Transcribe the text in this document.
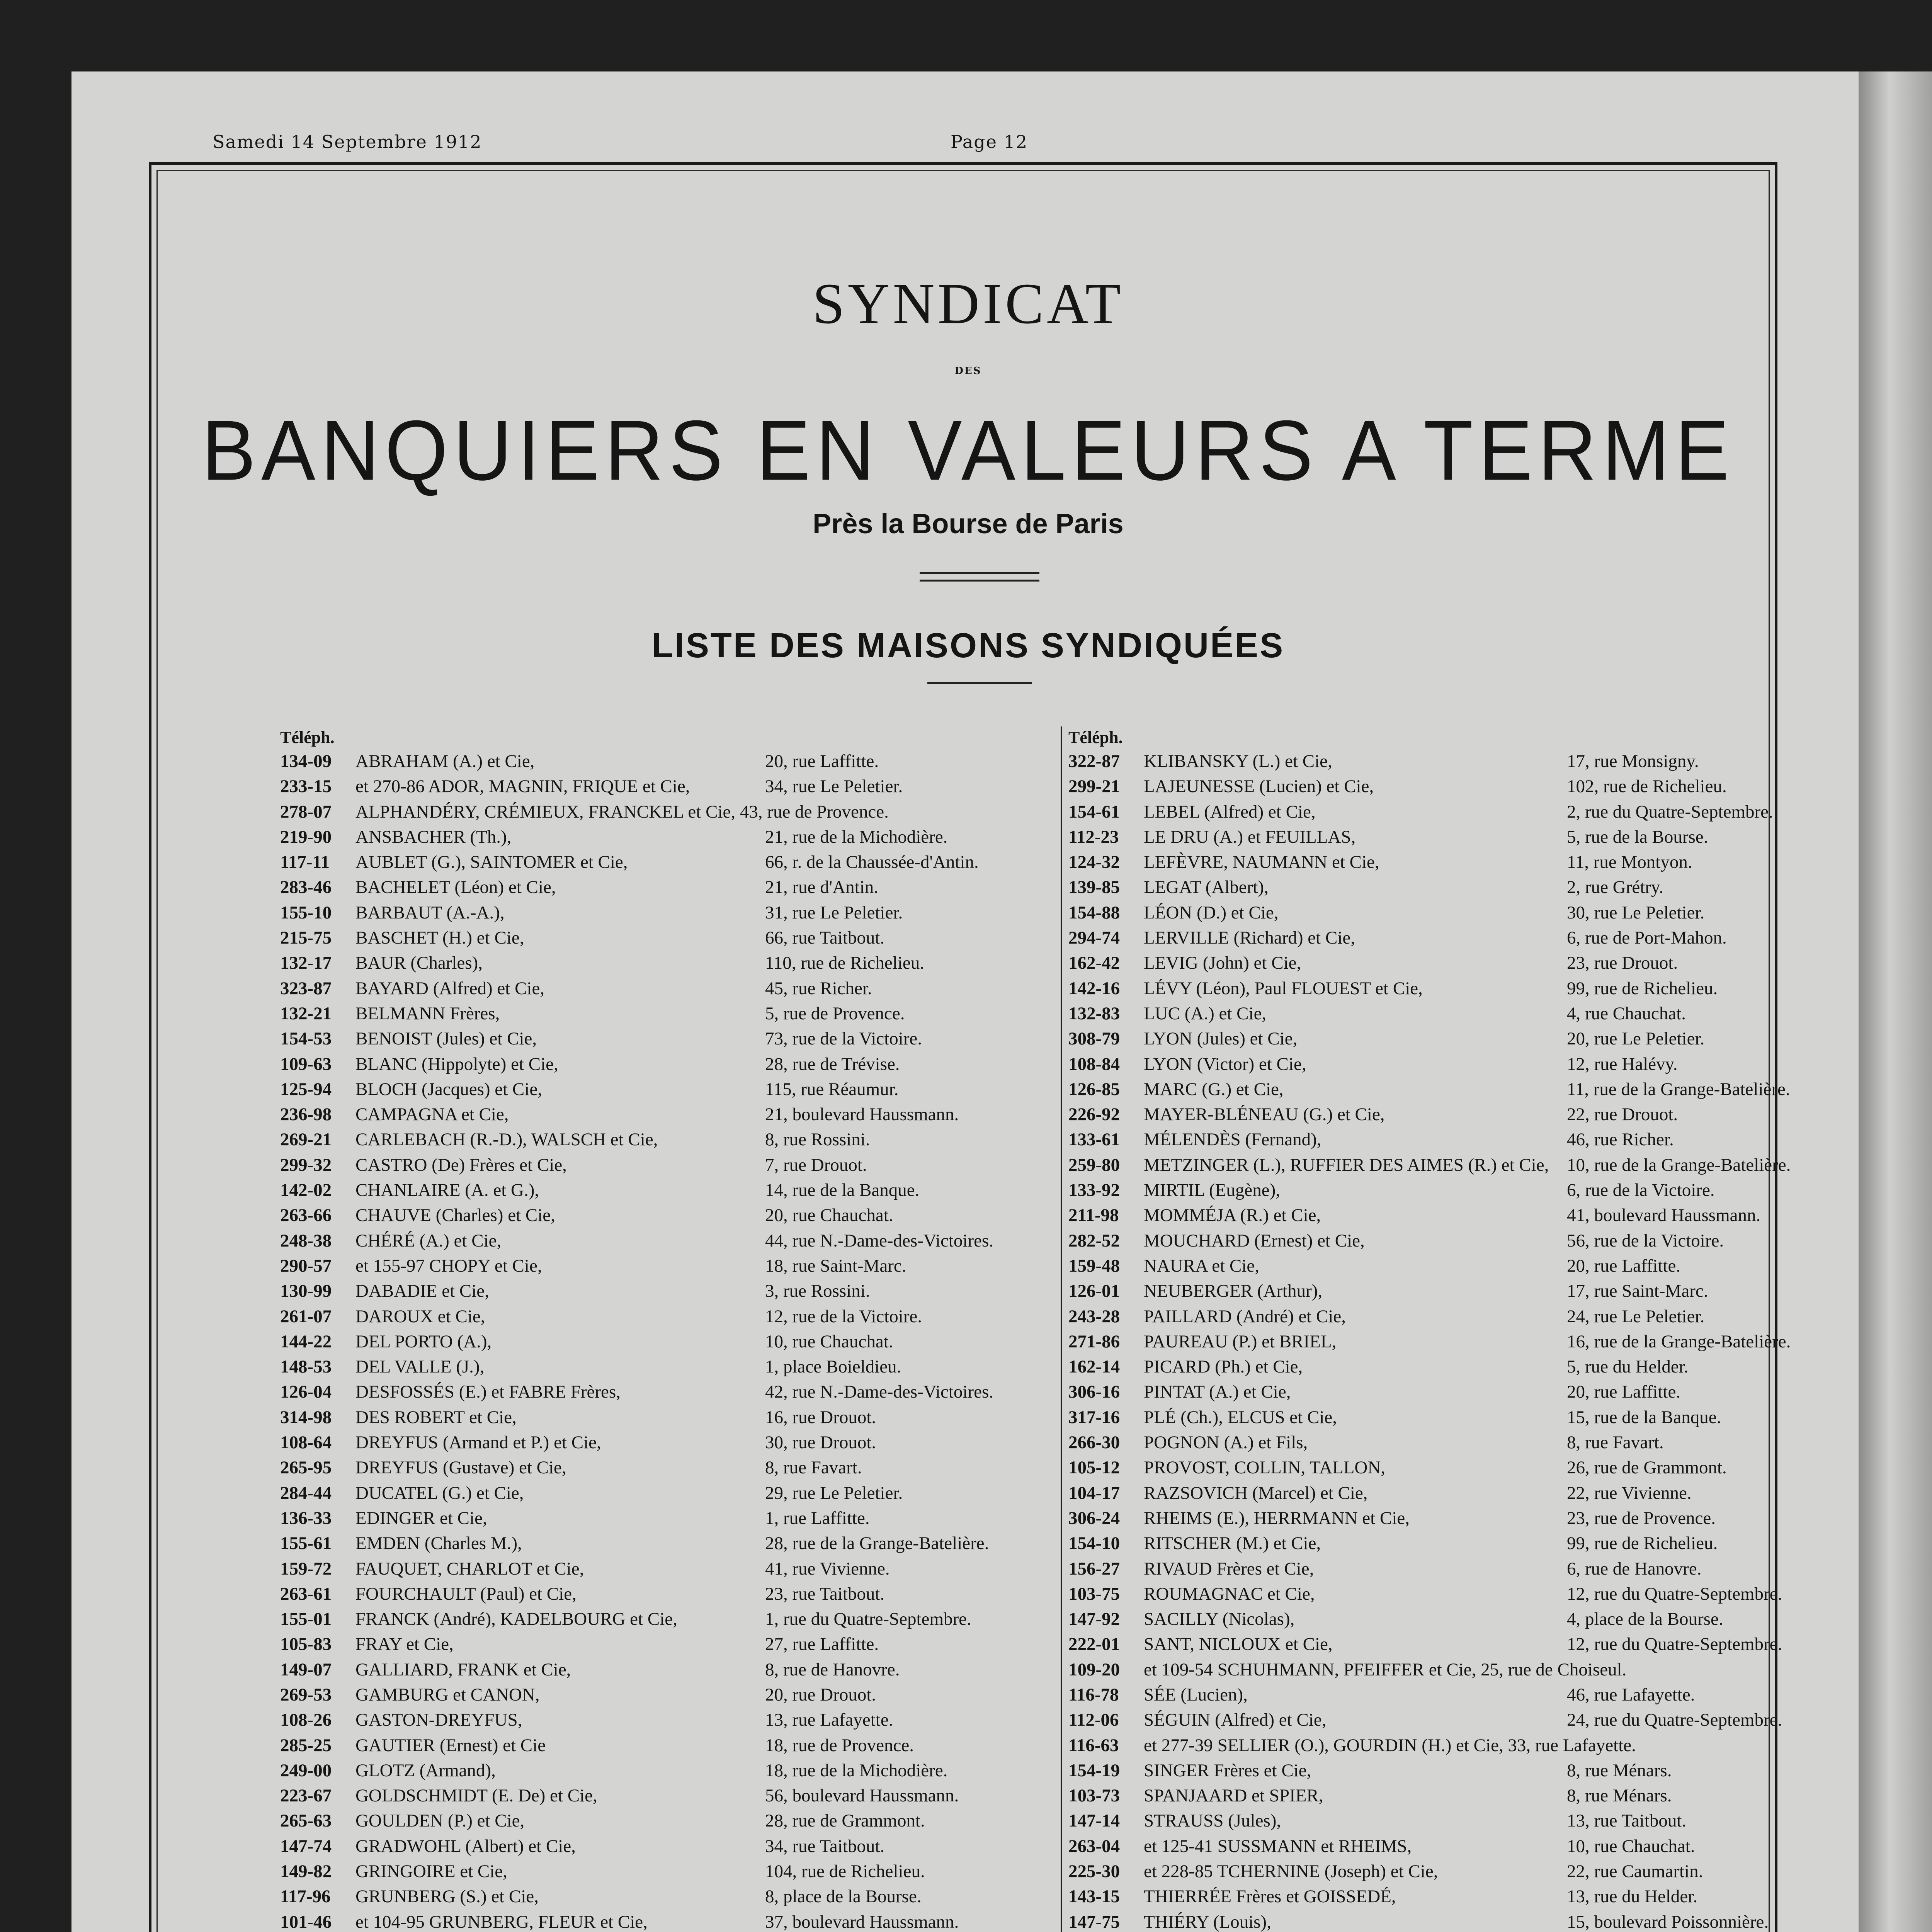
Samedi 14 Septembre 1912	Page 12
SYNDICAT
DES
BANQUIERS EN VALEURS A TERME
Près la Bourse de Paris
LISTE DES MAISONS SYNDIQUÉES
Téléph.
134-09 ABRAHAM (A.) et Cie,	20, rue Laffitte.
233-15 et 270-86 ADOR, MAGNIN, FRIQUE et Cie,	34, rue Le Peletier.
278-07 ALPHANDÉRY, CRÉMIEUX, FRANCKEL et Cie, 43, rue de Provence.
219-90 ANSBACHER (Th.),	21, rue de la Michodière.
117-11 AUBLET (G.), SAINTOMER et Cie,	66, r. de la Chaussée-d'Antin.
283-46 BACHELET (Léon) et Cie,	21, rue d'Antin.
155-10 BARBAUT (A.-A.),	31, rue Le Peletier.
215-75 BASCHET (H.) et Cie,	66, rue Taitbout.
132-17 BAUR (Charles),	110, rue de Richelieu.
323-87 BAYARD (Alfred) et Cie,	45, rue Richer.
132-21 BELMANN Frères,	5, rue de Provence.
154-53 BENOIST (Jules) et Cie,	73, rue de la Victoire.
109-63 BLANC (Hippolyte) et Cie,	28, rue de Trévise.
125-94 BLOCH (Jacques) et Cie,	115, rue Réaumur.
236-98 CAMPAGNA et Cie,	21, boulevard Haussmann.
269-21 CARLEBACH (R.-D.), WALSCH et Cie,	8, rue Rossini.
299-32 CASTRO (De) Frères et Cie,	7, rue Drouot.
142-02 CHANLAIRE (A. et G.),	14, rue de la Banque.
263-66 CHAUVE (Charles) et Cie,	20, rue Chauchat.
248-38 CHÉRÉ (A.) et Cie,	44, rue N.-Dame-des-Victoires.
290-57 et 155-97 CHOPY et Cie,	18, rue Saint-Marc.
130-99 DABADIE et Cie,	3, rue Rossini.
261-07 DAROUX et Cie,	12, rue de la Victoire.
144-22 DEL PORTO (A.),	10, rue Chauchat.
148-53 DEL VALLE (J.),	1, place Boieldieu.
126-04 DESFOSSÉS (E.) et FABRE Frères,	42, rue N.-Dame-des-Victoires.
314-98 DES ROBERT et Cie,	16, rue Drouot.
108-64 DREYFUS (Armand et P.) et Cie,	30, rue Drouot.
265-95 DREYFUS (Gustave) et Cie,	8, rue Favart.
284-44 DUCATEL (G.) et Cie,	29, rue Le Peletier.
136-33 EDINGER et Cie,	1, rue Laffitte.
155-61 EMDEN (Charles M.),	28, rue de la Grange-Batelière.
159-72 FAUQUET, CHARLOT et Cie,	41, rue Vivienne.
263-61 FOURCHAULT (Paul) et Cie,	23, rue Taitbout.
155-01 FRANCK (André), KADELBOURG et Cie,	1, rue du Quatre-Septembre.
105-83 FRAY et Cie,	27, rue Laffitte.
149-07 GALLIARD, FRANK et Cie,	8, rue de Hanovre.
269-53 GAMBURG et CANON,	20, rue Drouot.
108-26 GASTON-DREYFUS,	13, rue Lafayette.
285-25 GAUTIER (Ernest) et Cie	18, rue de Provence.
249-00 GLOTZ (Armand),	18, rue de la Michodière.
223-67 GOLDSCHMIDT (E. De) et Cie,	56, boulevard Haussmann.
265-63 GOULDEN (P.) et Cie,	28, rue de Grammont.
147-74 GRADWOHL (Albert) et Cie,	34, rue Taitbout.
149-82 GRINGOIRE et Cie,	104, rue de Richelieu.
117-96 GRUNBERG (S.) et Cie,	8, place de la Bourse.
101-46 et 104-95 GRUNBERG, FLEUR et Cie,	37, boulevard Haussmann.
Téléph.
322-87 KLIBANSKY (L.) et Cie,	17, rue Monsigny.
299-21 LAJEUNESSE (Lucien) et Cie,	102, rue de Richelieu.
154-61 LEBEL (Alfred) et Cie,	2, rue du Quatre-Septembre.
112-23 LE DRU (A.) et FEUILLAS,	5, rue de la Bourse.
124-32 LEFÈVRE, NAUMANN et Cie,	11, rue Montyon.
139-85 LEGAT (Albert),	2, rue Grétry.
154-88 LÉON (D.) et Cie,	30, rue Le Peletier.
294-74 LERVILLE (Richard) et Cie,	6, rue de Port-Mahon.
162-42 LEVIG (John) et Cie,	23, rue Drouot.
142-16 LÉVY (Léon), Paul FLOUEST et Cie,	99, rue de Richelieu.
132-83 LUC (A.) et Cie,	4, rue Chauchat.
308-79 LYON (Jules) et Cie,	20, rue Le Peletier.
108-84 LYON (Victor) et Cie,	12, rue Halévy.
126-85 MARC (G.) et Cie,	11, rue de la Grange-Batelière.
226-92 MAYER-BLÉNEAU (G.) et Cie,	22, rue Drouot.
133-61 MÉLENDÈS (Fernand),	46, rue Richer.
259-80 METZINGER (L.), RUFFIER DES AIMES (R.) et Cie, 10, rue de la Grange-Batelière.
133-92 MIRTIL (Eugène),	6, rue de la Victoire.
211-98 MOMMÉJA (R.) et Cie,	41, boulevard Haussmann.
282-52 MOUCHARD (Ernest) et Cie,	56, rue de la Victoire.
159-48 NAURA et Cie,	20, rue Laffitte.
126-01 NEUBERGER (Arthur),	17, rue Saint-Marc.
243-28 PAILLARD (André) et Cie,	24, rue Le Peletier.
271-86 PAUREAU (P.) et BRIEL,	16, rue de la Grange-Batelière.
162-14 PICARD (Ph.) et Cie,	5, rue du Helder.
306-16 PINTAT (A.) et Cie,	20, rue Laffitte.
317-16 PLÉ (Ch.), ELCUS et Cie,	15, rue de la Banque.
266-30 POGNON (A.) et Fils,	8, rue Favart.
105-12 PROVOST, COLLIN, TALLON,	26, rue de Grammont.
104-17 RAZSOVICH (Marcel) et Cie,	22, rue Vivienne.
306-24 RHEIMS (E.), HERRMANN et Cie,	23, rue de Provence.
154-10 RITSCHER (M.) et Cie,	99, rue de Richelieu.
156-27 RIVAUD Frères et Cie,	6, rue de Hanovre.
103-75 ROUMAGNAC et Cie,	12, rue du Quatre-Septembre.
147-92 SACILLY (Nicolas),	4, place de la Bourse.
222-01 SANT, NICLOUX et Cie,	12, rue du Quatre-Septembre.
109-20 et 109-54 SCHUHMANN, PFEIFFER et Cie, 25, rue de Choiseul.
116-78 SÉE (Lucien),	46, rue Lafayette.
112-06 SÉGUIN (Alfred) et Cie,	24, rue du Quatre-Septembre.
116-63 et 277-39 SELLIER (O.), GOURDIN (H.) et Cie, 33, rue Lafayette.
154-19 SINGER Frères et Cie,	8, rue Ménars.
103-73 SPANJAARD et SPIER,	8, rue Ménars.
147-14 STRAUSS (Jules),	13, rue Taitbout.
263-04 et 125-41 SUSSMANN et RHEIMS,	10, rue Chauchat.
225-30 et 228-85 TCHERNINE (Joseph) et Cie,	22, rue Caumartin.
143-15 THIERRÉE Frères et GOISSEDÉ,	13, rue du Helder.
147-75 THIÉRY (Louis),	15, boulevard Poissonnière.
